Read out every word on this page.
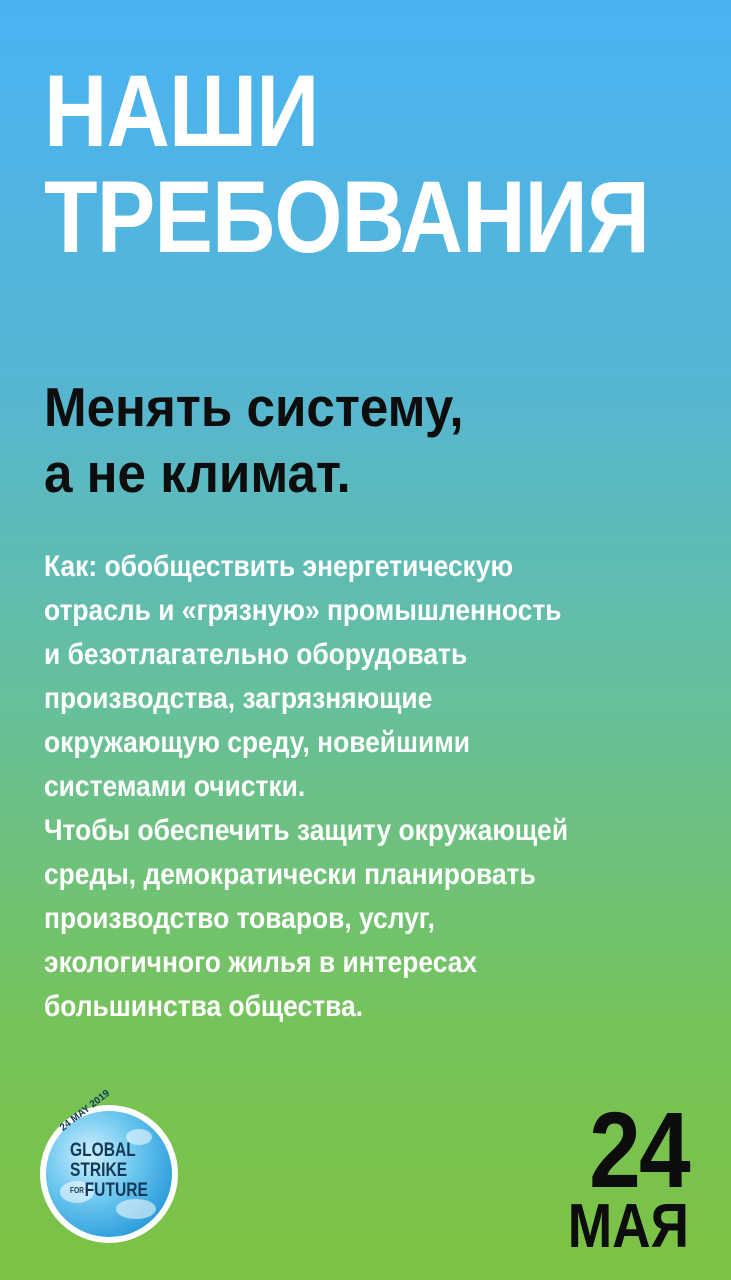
НАШИ
ТРЕБОВАНИЯ
Менять систему,
а не климат.
Как: обобществить энергетическую
отрасль и «грязную» промышленность
и безотлагательно оборудовать
производства, загрязняющие
окружающую среду, новейшими
системами очистки.
Чтобы обеспечить защиту окружающей
среды, демократически планировать
производство товаров, услуг,
экологичного жилья в интересах
большинства общества.
24 MAY 2019
GLOBAL
STRIKE
FORFUTURE	24
МАЯ
